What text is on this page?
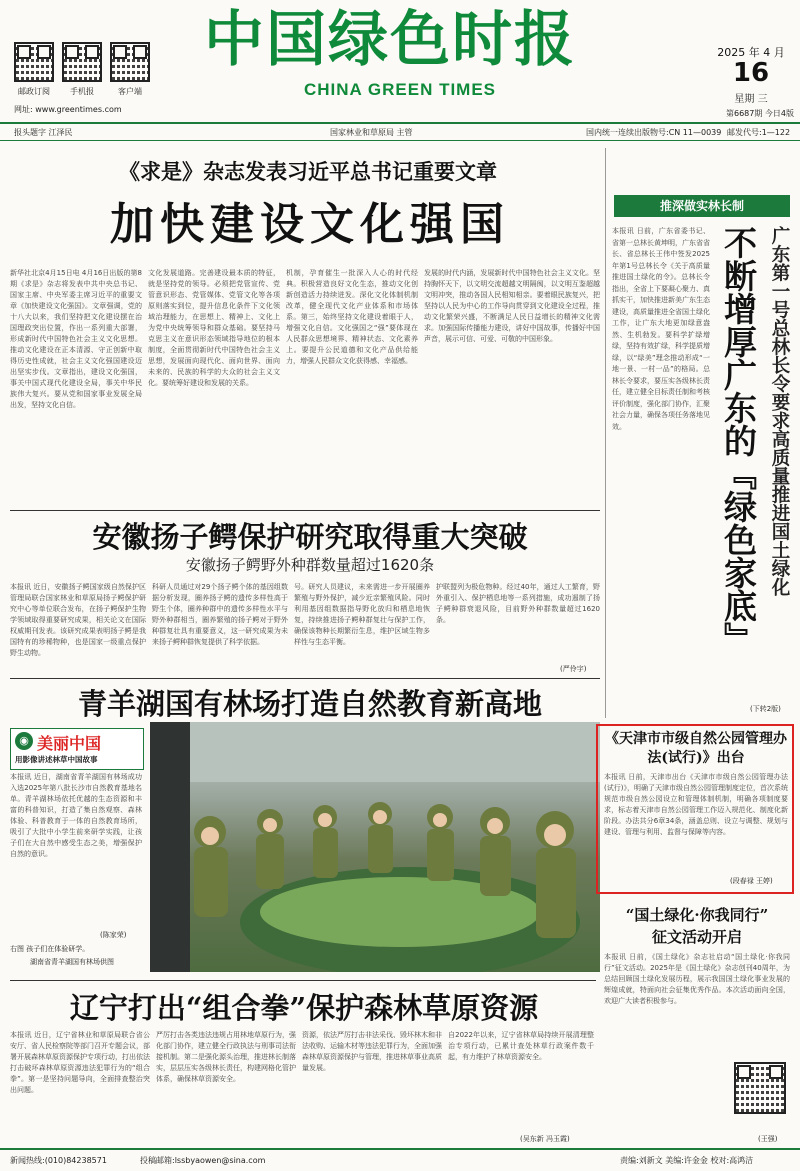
邮政订阅	手机报	客户端
网址: www.greentimes.com
中国绿色时报
CHINA GREEN TIMES
2025 年 4 月
16
星期 三
第6687期 今日4版
报头题字 江泽民	国家林业和草原局 主管	国内统一连续出版物号:CN 11—0039 邮发代号:1—122
《求是》杂志发表习近平总书记重要文章
加快建设文化强国
新华社北京4月15日电 4月16日出版的第8期《求是》杂志将发表中共中央总书记、国家主席、中央军委主席习近平的重要文章《加快建设文化强国》。文章强调，党的十八大以来，我们坚持把文化建设摆在治国理政突出位置，作出一系列重大部署，形成新时代中国特色社会主义文化思想。推动文化建设在正本清源、守正创新中取得历史性成就，社会主义文化强国建设迈出坚实步伐。文章指出，建设文化强国，事关中国式现代化建设全局，事关中华民族伟大复兴。要从党和国家事业发展全局出发，坚持文化自信。
文化发展道路。完善建设最本质的特征，就是坚持党的领导。必须把党管宣传、党管意识形态、党管媒体、党管文化等各项原则落实到位，提升信息化条件下文化领域治理能力，在思想上、精神上、文化上为党中央统筹领导和群众基础。要坚持马克思主义在意识形态领域指导地位的根本制度，全面贯彻新时代中国特色社会主义思想，发展面向现代化、面向世界、面向未来的、民族的科学的大众的社会主义文化。要统筹好建设和发展的关系。
机制，孕育催生一批深入人心的时代经典。积极营造良好文化生态，推动文化创新创造活力持续迸发。深化文化体制机制改革，健全现代文化产业体系和市场体系。第三，始终坚持文化建设着眼于人，增强文化自信。文化强国之“强”要体现在人民群众思想境界、精神状态、文化素养上。要提升公民道德和文化产品供给能力，增强人民群众文化获得感、幸福感。
发展的时代内涵，发展新时代中国特色社会主义文化。坚持胸怀天下，以文明交流超越文明隔阂，以文明互鉴超越文明冲突，推动各国人民相知相亲。要着眼民族复兴，把坚持以人民为中心的工作导向贯穿到文化建设全过程，推动文化繁荣兴盛，不断满足人民日益增长的精神文化需求。加强国际传播能力建设，讲好中国故事，传播好中国声音，展示可信、可爱、可敬的中国形象。
推深做实林长制
本报讯 日前，广东省委书记、省第一总林长黄坤明，广东省省长、省总林长王伟中签发2025年第1号总林长令《关于高质量推进国土绿化的令》。总林长令指出，全省上下要凝心聚力、真抓实干，加快推进新美广东生态建设，高质量推进全省国土绿化工作，让广东大地更加绿意盎然、生机勃发。要科学扩绿增绿，坚持有效扩绿，科学提质增绿，以“绿美”理念推动形成“一地一景、一村一品”的格局。总林长令要求，要压实各级林长责任，建立健全目标责任制和考核评价制度，强化部门协作，汇聚社会力量，确保各项任务落地见效。	不断增厚广东的『绿色家底』 广东第一号总林长令要求高质量推进国土绿化
(下转2版)
安徽扬子鳄保护研究取得重大突破
安徽扬子鳄野外种群数量超过1620条
本报讯 近日，安徽扬子鳄国家级自然保护区管理局联合国家林业和草原局扬子鳄保护研究中心等单位联合发布，在扬子鳄保护生物学领域取得重要研究成果，相关论文在国际权威期刊发表。该研究成果表明扬子鳄是我国特有的珍稀物种，也是国家一级重点保护野生动物。
科研人员通过对29个扬子鳄个体的基因组数据分析发现，圈养扬子鳄的遗传多样性高于野生个体，圈养种群中的遗传多样性水平与野外种群相当，圈养繁殖的扬子鳄对于野外种群复壮具有重要意义，这一研究成果为未来扬子鳄种群恢复提供了科学依据。
号。研究人员建议，未来需进一步开展圈养繁殖与野外保护，减少近亲繁殖风险。同时利用基因组数据指导野化放归和栖息地恢复，持续推进扬子鳄种群复壮与保护工作，确保该物种长期繁衍生息，维护区域生物多样性与生态平衡。
护联盟列为极危物种。经过40年，通过人工繁育，野外重引入、保护栖息地等一系列措施，成功遏制了扬子鳄种群衰退风险，目前野外种群数量超过1620条。
(严伶宇)
青羊湖国有林场打造自然教育新高地
◉ 美丽中国
用影像讲述林草中国故事
本报讯 近日，湖南省青羊湖国有林场成功入选2025年第八批长沙市自然教育基地名单。青羊湖林场依托优越的生态资源和丰富的科普知识，打造了集自然观察、森林体验、科普教育于一体的自然教育场所，吸引了大批中小学生前来研学实践，让孩子们在大自然中感受生态之美，增强保护自然的意识。
(陈家荣)
右图 孩子们在体验研学。
湖南省青羊湖国有林场供图
《天津市市级自然公园管理办法(试行)》出台
本报讯 日前，天津市出台《天津市市级自然公园管理办法(试行)》，明确了天津市级自然公园管理制度定位，首次系统规范市级自然公园设立和管理体制机制，明确各项制度要求，标志着天津市自然公园管理工作迈入规范化、制度化新阶段。办法共分6章34条，涵盖总则、设立与调整、规划与建设、管理与利用、监督与保障等内容。
(段春禄 王婷)
“国土绿化·你我同行”
征文活动开启
本报讯 日前，《国土绿化》杂志社启动“国土绿化·你我同行”征文活动。2025年是《国土绿化》杂志创刊40周年，为总结回顾国土绿化发展历程，展示我国国土绿化事业发展的辉煌成就，特面向社会征集优秀作品。本次活动面向全国，欢迎广大读者积极参与。
(王强)
辽宁打出“组合拳”保护森林草原资源
本报讯 近日，辽宁省林业和草原局联合省公安厅、省人民检察院等部门召开专题会议，部署开展森林草原资源保护专项行动，打出依法打击破坏森林草原资源违法犯罪行为的“组合拳”。第一是坚持问题导向，全面排查整治突出问题。
严厉打击各类违法违规占用林地草原行为，强化部门协作，建立健全行政执法与刑事司法衔接机制。第二是强化源头治理，推进林长制落实，层层压实各级林长责任，构建网格化管护体系，确保林草资源安全。
资源，依法严厉打击非法采伐、毁坏林木和非法收购、运输木材等违法犯罪行为，全面加强森林草原资源保护与管理，推进林草事业高质量发展。
自2022年以来，辽宁省林草局持续开展清理整治专项行动，已累计查处林草行政案件数千起，有力维护了林草资源安全。
(吴东新 冯玉霞)
新闻热线:(010)84238571	投稿邮箱:lssbyaowen@sina.com	责编:刘新文 美编:许金金 校对:高鸿洁
